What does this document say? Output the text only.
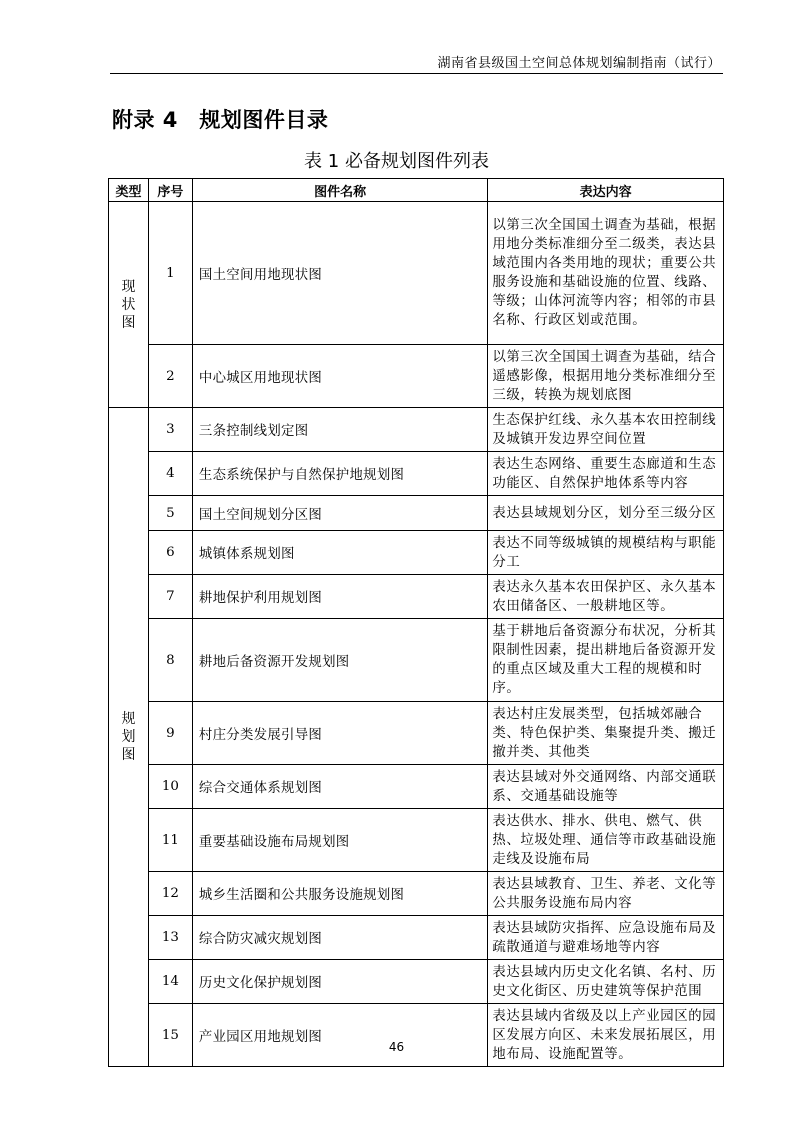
湖南省县级国土空间总体规划编制指南（试行）
附录 4　规划图件目录
表 1 必备规划图件列表
类型	序号	图件名称	表达内容

现
状
图	1	国土空间用地现状图	以第三次全国国土调查为基础，根据用地分类标准细分至二级类，表达县域范围内各类用地的现状；重要公共服务设施和基础设施的位置、线路、等级；山体河流等内容；相邻的市县名称、行政区划或范围。
	2	中心城区用地现状图	以第三次全国国土调查为基础，结合遥感影像，根据用地分类标准细分至三级，转换为规划底图

规
划
图	3	三条控制线划定图	生态保护红线、永久基本农田控制线及城镇开发边界空间位置
	4	生态系统保护与自然保护地规划图	表达生态网络、重要生态廊道和生态功能区、自然保护地体系等内容
	5	国土空间规划分区图	表达县域规划分区，划分至三级分区
	6	城镇体系规划图	表达不同等级城镇的规模结构与职能分工
	7	耕地保护利用规划图	表达永久基本农田保护区、永久基本农田储备区、一般耕地区等。
	8	耕地后备资源开发规划图	基于耕地后备资源分布状况，分析其限制性因素，提出耕地后备资源开发的重点区域及重大工程的规模和时序。
	9	村庄分类发展引导图	表达村庄发展类型，包括城郊融合类、特色保护类、集聚提升类、搬迁撤并类、其他类
	10	综合交通体系规划图	表达县域对外交通网络、内部交通联系、交通基础设施等
	11	重要基础设施布局规划图	表达供水、排水、供电、燃气、供热、垃圾处理、通信等市政基础设施走线及设施布局
	12	城乡生活圈和公共服务设施规划图	表达县域教育、卫生、养老、文化等公共服务设施布局内容
	13	综合防灾减灾规划图	表达县域防灾指挥、应急设施布局及疏散通道与避难场地等内容
	14	历史文化保护规划图	表达县域内历史文化名镇、名村、历史文化街区、历史建筑等保护范围
	15	产业园区用地规划图	表达县域内省级及以上产业园区的园区发展方向区、未来发展拓展区，用地布局、设施配置等。
46
